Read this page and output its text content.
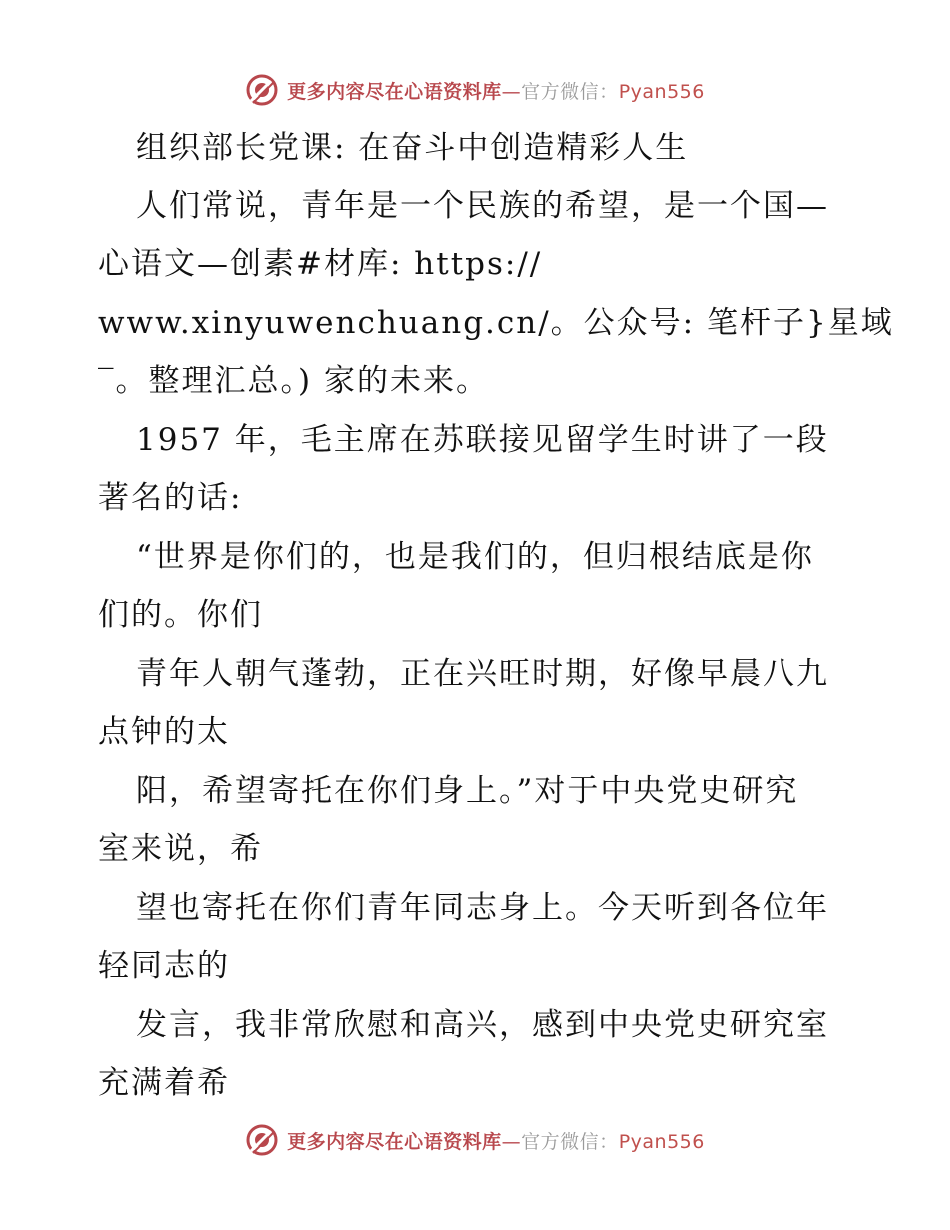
更多内容尽在心语资料库—官方微信：Pyan556
组织部长党课: 在奋斗中创造精彩人生
人们常说，青年是一个民族的希望，是一个国—
心语文—创素#材库: https://
www.xinyuwenchuang.cn/。公众号: 笔杆子}星域
‾。整理汇总。) 家的未来。
1957 年，毛主席在苏联接见留学生时讲了一段
著名的话:
“世界是你们的，也是我们的，但归根结底是你
们的。你们
青年人朝气蓬勃，正在兴旺时期，好像早晨八九
点钟的太
阳，希望寄托在你们身上。”对于中央党史研究
室来说，希
望也寄托在你们青年同志身上。今天听到各位年
轻同志的
发言，我非常欣慰和高兴，感到中央党史研究室
充满着希
更多内容尽在心语资料库—官方微信：Pyan556
